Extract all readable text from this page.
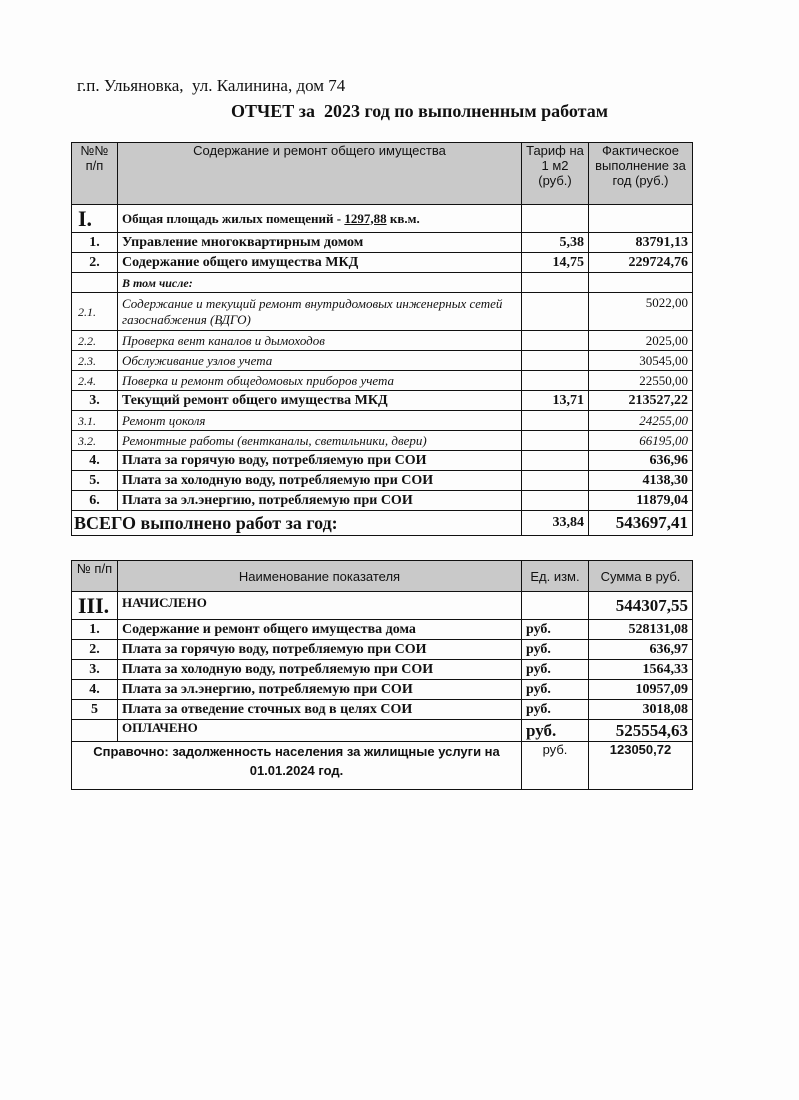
г.п. Ульяновка,  ул. Калинина, дом 74
ОТЧЕТ за  2023 год по выполненным работам
№№ п/п	Содержание и ремонт общего имущества	Тариф на 1 м2 (руб.)	Фактическое выполнение за год (руб.)
I.	Общая площадь жилых помещений - 1297,88 кв.м.		
1.	Управление многоквартирным домом	5,38	83791,13
2.	Содержание общего имущества МКД	14,75	229724,76
	В том числе:		
2.1.	Содержание и текущий ремонт внутридомовых инженерных сетей газоснабжения (ВДГО)		5022,00
2.2.	Проверка вент каналов и дымоходов		2025,00
2.3.	Обслуживание узлов учета		30545,00
2.4.	Поверка и ремонт общедомовых приборов учета		22550,00
3.	Текущий ремонт общего имущества МКД	13,71	213527,22
3.1.	Ремонт цоколя		24255,00
3.2.	Ремонтные работы (вентканалы, светильники, двери)		66195,00
4.	Плата за горячую воду, потребляемую при СОИ		636,96
5.	Плата за холодную воду, потребляемую при СОИ		4138,30
6.	Плата за эл.энергию, потребляемую при СОИ		11879,04
ВСЕГО выполнено работ за год:		33,84	543697,41
№ п/п	Наименование показателя	Ед. изм.	Сумма в руб.
III.	НАЧИСЛЕНО		544307,55
1.	Содержание и ремонт общего имущества дома	руб.	528131,08
2.	Плата за горячую воду, потребляемую при СОИ	руб.	636,97
3.	Плата за холодную воду, потребляемую при СОИ	руб.	1564,33
4.	Плата за эл.энергию, потребляемую при СОИ	руб.	10957,09
5	Плата за отведение сточных вод в целях СОИ	руб.	3018,08
	ОПЛАЧЕНО	руб.	525554,63
Справочно: задолженность населения за жилищные услуги на 01.01.2024 год.		руб.	123050,72
